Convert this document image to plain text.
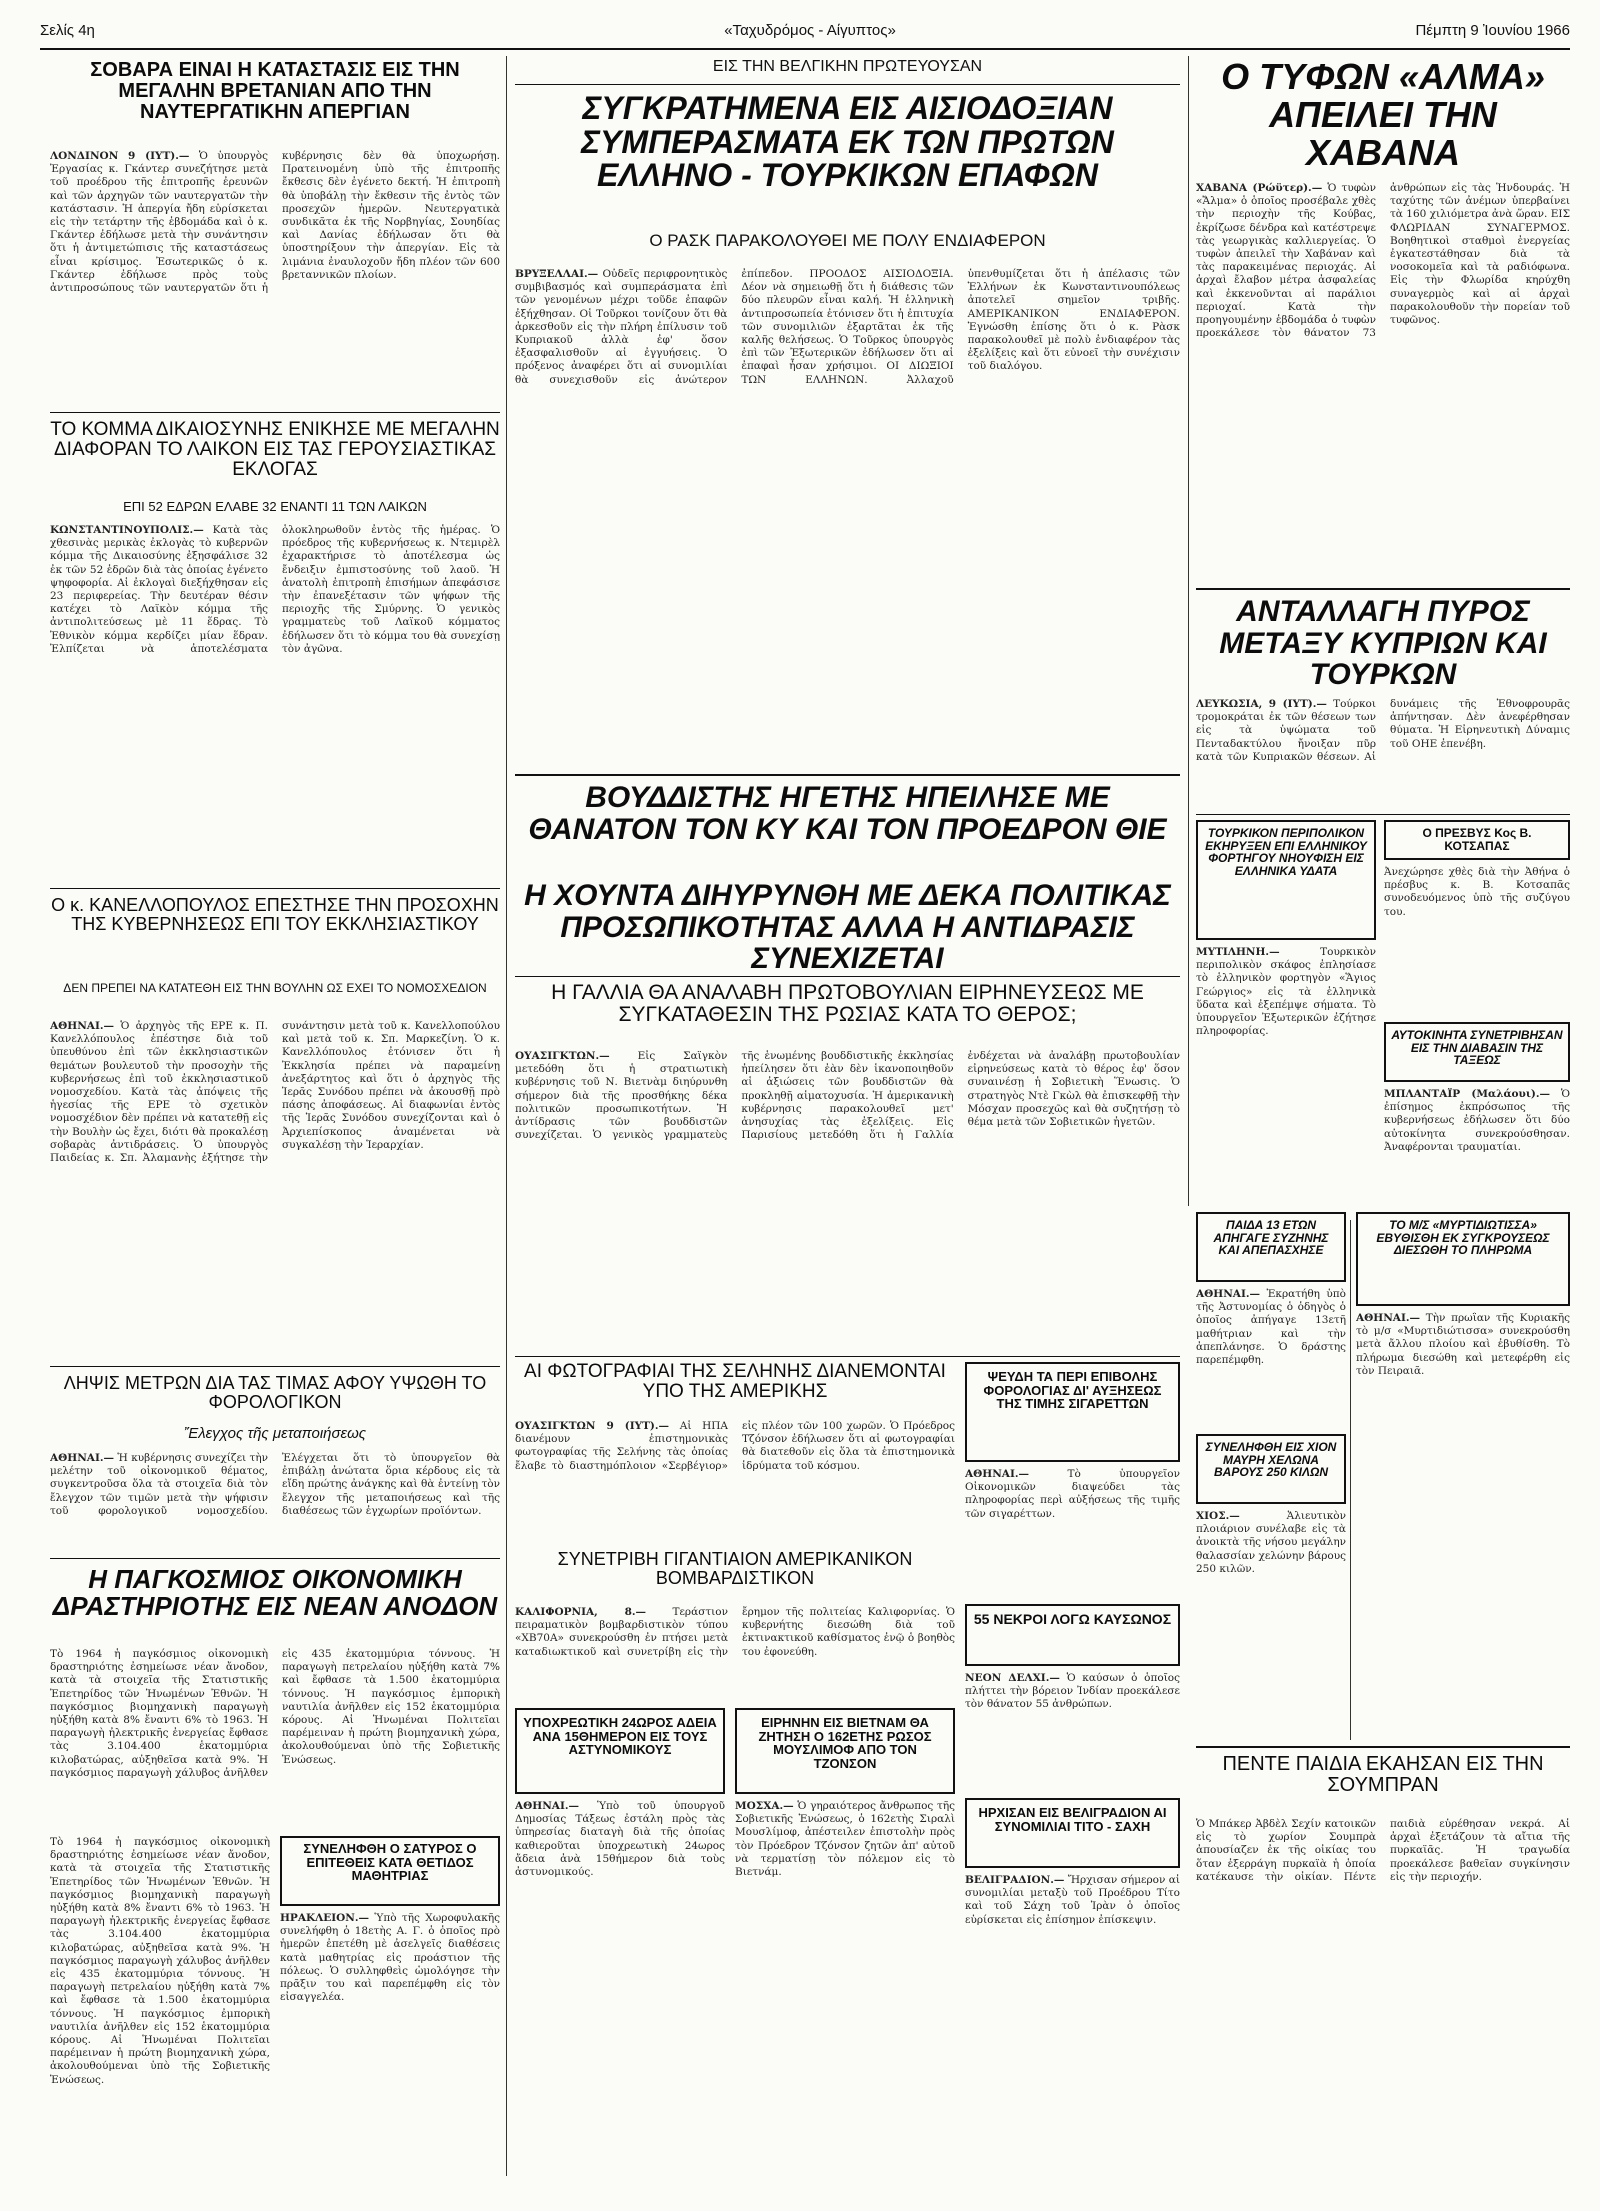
Σελίς 4η	«Ταχυδρόμος - Αίγυπτος»	Πέμπτη 9 Ἰουνίου 1966
ΣΟΒΑΡΑ ΕΙΝΑΙ Η ΚΑΤΑΣΤΑΣΙΣ ΕΙΣ ΤΗΝ ΜΕΓΑΛΗΝ ΒΡΕΤΑΝΙΑΝ ΑΠΟ ΤΗΝ ΝΑΥΤΕΡΓΑΤΙΚΗΝ ΑΠΕΡΓΙΑΝ
ΛΟΝΔΙΝΟΝ 9 (ΙΥΤ).— Ὁ ὑπουργὸς Ἐργασίας κ. Γκάντερ συνεζήτησε μετὰ τοῦ προέδρου τῆς ἐπιτροπῆς ἐρευνῶν καὶ τῶν ἀρχηγῶν τῶν ναυτεργατῶν τὴν κατάστασιν. Ἡ ἀπεργία ἤδη εὑρίσκεται εἰς τὴν τετάρτην τῆς ἑβδομάδα καὶ ὁ κ. Γκάντερ ἐδήλωσε μετὰ τὴν συνάντησιν ὅτι ἡ ἀντιμετώπισις τῆς καταστάσεως εἶναι κρίσιμος. Ἐσωτερικῶς ὁ κ. Γκάντερ ἐδήλωσε πρὸς τοὺς ἀντιπροσώπους τῶν ναυτεργατῶν ὅτι ἡ κυβέρνησις δὲν θὰ ὑποχωρήσῃ. Πρατεινομένη ὑπὸ τῆς ἐπιτροπῆς ἔκθεσις δὲν ἐγένετο δεκτή. Ἡ ἐπιτροπὴ θὰ ὑποβάλῃ τὴν ἔκθεσιν τῆς ἐντὸς τῶν προσεχῶν ἡμερῶν. Νευτεργατικὰ συνδικᾶτα ἐκ τῆς Νορβηγίας, Σουηδίας καὶ Δανίας ἐδήλωσαν ὅτι θὰ ὑποστηρίξουν τὴν ἀπεργίαν. Εἰς τὰ λιμάνια ἐναυλοχοῦν ἤδη πλέον τῶν 600 βρεταννικῶν πλοίων.
ΤΟ ΚΟΜΜΑ ΔΙΚΑΙΟΣΥΝΗΣ ΕΝΙΚΗΣΕ ΜΕ ΜΕΓΑΛΗΝ ΔΙΑΦΟΡΑΝ ΤΟ ΛΑΙΚΟΝ ΕΙΣ ΤΑΣ ΓΕΡΟΥΣΙΑΣΤΙΚΑΣ ΕΚΛΟΓΑΣ
ΕΠΙ 52 ΕΔΡΩΝ ΕΛΑΒΕ 32 ΕΝΑΝΤΙ 11 ΤΩΝ ΛΑΙΚΩΝ
ΚΩΝΣΤΑΝΤΙΝΟΥΠΟΛΙΣ.— Κατὰ τὰς χθεσινὰς μερικὰς ἐκλογὰς τὸ κυβερνῶν κόμμα τῆς Δικαιοσύνης ἐξησφάλισε 32 ἐκ τῶν 52 ἑδρῶν διὰ τὰς ὁποίας ἐγένετο ψηφοφορία. Αἱ ἐκλογαὶ διεξήχθησαν εἰς 23 περιφερείας. Τὴν δευτέραν θέσιν κατέχει τὸ Λαϊκὸν κόμμα τῆς ἀντιπολιτεύσεως μὲ 11 ἕδρας. Τὸ Ἐθνικὸν κόμμα κερδίζει μίαν ἕδραν. Ἐλπίζεται νὰ ἀποτελέσματα ὁλοκληρωθοῦν ἐντὸς τῆς ἡμέρας. Ὁ πρόεδρος τῆς κυβερνήσεως κ. Ντεμιρὲλ ἐχαρακτήρισε τὸ ἀποτέλεσμα ὡς ἔνδειξιν ἐμπιστοσύνης τοῦ λαοῦ. Ἡ ἀνατολὴ ἐπιτροπὴ ἐπισήμων ἀπεφάσισε τὴν ἐπανεξέτασιν τῶν ψήφων τῆς περιοχῆς τῆς Σμύρνης. Ὁ γενικὸς γραμματεὺς τοῦ Λαϊκοῦ κόμματος ἐδήλωσεν ὅτι τὸ κόμμα του θὰ συνεχίσῃ τὸν ἀγῶνα.
Ο κ. ΚΑΝΕΛΛΟΠΟΥΛΟΣ ΕΠΕΣΤΗΣΕ ΤΗΝ ΠΡΟΣΟΧΗΝ ΤΗΣ ΚΥΒΕΡΝΗΣΕΩΣ ΕΠΙ ΤΟΥ ΕΚΚΛΗΣΙΑΣΤΙΚΟΥ
ΔΕΝ ΠΡΕΠΕΙ ΝΑ ΚΑΤΑΤΕΘΗ ΕΙΣ ΤΗΝ ΒΟΥΛΗΝ ΩΣ ΕΧΕΙ ΤΟ ΝΟΜΟΣΧΕΔΙΟΝ
ΑΘΗΝΑΙ.— Ὁ ἀρχηγὸς τῆς ΕΡΕ κ. Π. Κανελλόπουλος ἐπέστησε διὰ τοῦ ὑπευθύνου ἐπὶ τῶν ἐκκλησιαστικῶν θεμάτων βουλευτοῦ τὴν προσοχὴν τῆς κυβερνήσεως ἐπὶ τοῦ ἐκκλησιαστικοῦ νομοσχεδίου. Κατὰ τὰς ἀπόψεις τῆς ἡγεσίας τῆς ΕΡΕ τὸ σχετικὸν νομοσχέδιον δὲν πρέπει νὰ κατατεθῇ εἰς τὴν Βουλὴν ὡς ἔχει, διότι θὰ προκαλέσῃ σοβαρὰς ἀντιδράσεις. Ὁ ὑπουργὸς Παιδείας κ. Σπ. Ἀλαμανὴς ἐξήτησε τὴν συνάντησιν μετὰ τοῦ κ. Κανελλοπούλου καὶ μετὰ τοῦ κ. Σπ. Μαρκεζίνη. Ὁ κ. Κανελλόπουλος ἐτόνισεν ὅτι ἡ Ἐκκλησία πρέπει νὰ παραμείνῃ ἀνεξάρτητος καὶ ὅτι ὁ ἀρχηγὸς τῆς Ἱερᾶς Συνόδου πρέπει νὰ ἀκουσθῇ πρὸ πάσης ἀποφάσεως. Αἱ διαφωνίαι ἐντὸς τῆς Ἱερᾶς Συνόδου συνεχίζονται καὶ ὁ Ἀρχιεπίσκοπος ἀναμένεται νὰ συγκαλέσῃ τὴν Ἱεραρχίαν.
ΛΗΨΙΣ ΜΕΤΡΩΝ ΔΙΑ ΤΑΣ ΤΙΜΑΣ ΑΦΟΥ ΥΨΩΘΗ ΤΟ ΦΟΡΟΛΟΓΙΚΟΝ
Ἔλεγχος τῆς μεταποιήσεως
ΑΘΗΝΑΙ.— Ἡ κυβέρνησις συνεχίζει τὴν μελέτην τοῦ οἰκονομικοῦ θέματος, συγκεντροῦσα ὅλα τὰ στοιχεῖα διὰ τὸν ἔλεγχον τῶν τιμῶν μετὰ τὴν ψήφισιν τοῦ φορολογικοῦ νομοσχεδίου. Ἐλέγχεται ὅτι τὸ ὑπουργεῖον θὰ ἐπιβάλῃ ἀνώτατα ὅρια κέρδους εἰς τὰ εἴδη πρώτης ἀνάγκης καὶ θὰ ἐντείνῃ τὸν ἔλεγχον τῆς μεταποιήσεως καὶ τῆς διαθέσεως τῶν ἐγχωρίων προϊόντων.
Η ΠΑΓΚΟΣΜΙΟΣ ΟΙΚΟΝΟΜΙΚΗ ΔΡΑΣΤΗΡΙΟΤΗΣ ΕΙΣ ΝΕΑΝ ΑΝΟΔΟΝ
Τὸ 1964 ἡ παγκόσμιος οἰκονομικὴ δραστηριότης ἐσημείωσε νέαν ἄνοδον, κατὰ τὰ στοιχεῖα τῆς Στατιστικῆς Ἐπετηρίδος τῶν Ἡνωμένων Ἐθνῶν. Ἡ παγκόσμιος βιομηχανικὴ παραγωγὴ ηὐξήθη κατὰ 8% ἔναντι 6% τὸ 1963. Ἡ παραγωγὴ ἠλεκτρικῆς ἐνεργείας ἔφθασε τὰς 3.104.400 ἑκατομμύρια κιλοβατώρας, αὐξηθεῖσα κατὰ 9%. Ἡ παγκόσμιος παραγωγὴ χάλυβος ἀνῆλθεν εἰς 435 ἑκατομμύρια τόννους. Ἡ παραγωγὴ πετρελαίου ηὐξήθη κατὰ 7% καὶ ἔφθασε τὰ 1.500 ἑκατομμύρια τόννους. Ἡ παγκόσμιος ἐμπορικὴ ναυτιλία ἀνῆλθεν εἰς 152 ἑκατομμύρια κόρους. Αἱ Ἡνωμέναι Πολιτεῖαι παρέμειναν ἡ πρώτη βιομηχανικὴ χώρα, ἀκολουθούμεναι ὑπὸ τῆς Σοβιετικῆς Ἑνώσεως.
ΣΥΝΕΛΗΦΘΗ Ο ΣΑΤΥΡΟΣ Ο ΕΠΙΤΕΘΕΙΣ ΚΑΤΑ ΘΕΤΙΔΟΣ ΜΑΘΗΤΡΙΑΣ
ΗΡΑΚΛΕΙΟΝ.— Ὑπὸ τῆς Χωροφυλακῆς συνελήφθη ὁ 18ετὴς Α. Γ. ὁ ὁποῖος πρὸ ἡμερῶν ἐπετέθη μὲ ἀσελγεῖς διαθέσεις κατὰ μαθητρίας εἰς προάστιον τῆς πόλεως. Ὁ συλληφθεὶς ὡμολόγησε τὴν πρᾶξιν του καὶ παρεπέμφθη εἰς τὸν εἰσαγγελέα.
Τὸ 1964 ἡ παγκόσμιος οἰκονομικὴ δραστηριότης ἐσημείωσε νέαν ἄνοδον, κατὰ τὰ στοιχεῖα τῆς Στατιστικῆς Ἐπετηρίδος τῶν Ἡνωμένων Ἐθνῶν. Ἡ παγκόσμιος βιομηχανικὴ παραγωγὴ ηὐξήθη κατὰ 8% ἔναντι 6% τὸ 1963. Ἡ παραγωγὴ ἠλεκτρικῆς ἐνεργείας ἔφθασε τὰς 3.104.400 ἑκατομμύρια κιλοβατώρας, αὐξηθεῖσα κατὰ 9%. Ἡ παγκόσμιος παραγωγὴ χάλυβος ἀνῆλθεν εἰς 435 ἑκατομμύρια τόννους. Ἡ παραγωγὴ πετρελαίου ηὐξήθη κατὰ 7% καὶ ἔφθασε τὰ 1.500 ἑκατομμύρια τόννους. Ἡ παγκόσμιος ἐμπορικὴ ναυτιλία ἀνῆλθεν εἰς 152 ἑκατομμύρια κόρους. Αἱ Ἡνωμέναι Πολιτεῖαι παρέμειναν ἡ πρώτη βιομηχανικὴ χώρα, ἀκολουθούμεναι ὑπὸ τῆς Σοβιετικῆς Ἑνώσεως.
ΕΙΣ ΤΗΝ ΒΕΛΓΙΚΗΝ ΠΡΩΤΕΥΟΥΣΑΝ
ΣΥΓΚΡΑΤΗΜΕΝΑ ΕΙΣ ΑΙΣΙΟΔΟΞΙΑΝ ΣΥΜΠΕΡΑΣΜΑΤΑ ΕΚ ΤΩΝ ΠΡΩΤΩΝ ΕΛΛΗΝΟ - ΤΟΥΡΚΙΚΩΝ ΕΠΑΦΩΝ
Ο ΡΑΣΚ ΠΑΡΑΚΟΛΟΥΘΕΙ ΜΕ ΠΟΛΥ ΕΝΔΙΑΦΕΡΟΝ
ΒΡΥΞΕΛΛΑΙ.— Οὐδεῖς περιφρονητικὸς συμβιβασμός καὶ συμπεράσματα ἐπὶ τῶν γενομένων μέχρι τοῦδε ἐπαφῶν ἐξήχθησαν. Οἱ Τοῦρκοι τονίζουν ὅτι θὰ ἀρκεσθοῦν εἰς τὴν πλήρη ἐπίλυσιν τοῦ Κυπριακοῦ ἀλλὰ ἐφ' ὅσον ἐξασφαλισθοῦν αἱ ἐγγυήσεις. Ὁ πρόξενος ἀναφέρει ὅτι αἱ συνομιλίαι θὰ συνεχισθοῦν εἰς ἀνώτερον ἐπίπεδον. ΠΡΟΟΔΟΣ ΑΙΣΙΟΔΟΞΙΑ. Δέον νὰ σημειωθῇ ὅτι ἡ διάθεσις τῶν δύο πλευρῶν εἶναι καλή. Ἡ ἑλληνικὴ ἀντιπροσωπεία ἐτόνισεν ὅτι ἡ ἐπιτυχία τῶν συνομιλιῶν ἐξαρτᾶται ἐκ τῆς καλῆς θελήσεως. Ὁ Τοῦρκος ὑπουργὸς ἐπὶ τῶν Ἐξωτερικῶν ἐδήλωσεν ὅτι αἱ ἐπαφαὶ ἦσαν χρήσιμοι. ΟΙ ΔΙΩΞΙΟΙ ΤΩΝ ΕΛΛΗΝΩΝ. Ἀλλαχοῦ ὑπενθυμίζεται ὅτι ἡ ἀπέλασις τῶν Ἑλλήνων ἐκ Κωνσταντινουπόλεως ἀποτελεῖ σημεῖον τριβῆς. ΑΜΕΡΙΚΑΝΙΚΟΝ ΕΝΔΙΑΦΕΡΟΝ. Ἐγνώσθη ἐπίσης ὅτι ὁ κ. Ρὰσκ παρακολουθεῖ μὲ πολὺ ἐνδιαφέρον τὰς ἐξελίξεις καὶ ὅτι εὐνοεῖ τὴν συνέχισιν τοῦ διαλόγου.
ΒΟΥΔΔΙΣΤΗΣ ΗΓΕΤΗΣ ΗΠΕΙΛΗΣΕ ΜΕ ΘΑΝΑΤΟΝ ΤΟΝ ΚΥ ΚΑΙ ΤΟΝ ΠΡΟΕΔΡΟΝ ΘΙΕ
Η ΧΟΥΝΤΑ ΔΙΗΥΡΥΝΘΗ ΜΕ ΔΕΚΑ ΠΟΛΙΤΙΚΑΣ ΠΡΟΣΩΠΙΚΟΤΗΤΑΣ ΑΛΛΑ Η ΑΝΤΙΔΡΑΣΙΣ ΣΥΝΕΧΙΖΕΤΑΙ
Η ΓΑΛΛΙΑ ΘΑ ΑΝΑΛΑΒΗ ΠΡΩΤΟΒΟΥΛΙΑΝ ΕΙΡΗΝΕΥΣΕΩΣ ΜΕ ΣΥΓΚΑΤΑΘΕΣΙΝ ΤΗΣ ΡΩΣΙΑΣ ΚΑΤΑ ΤΟ ΘΕΡΟΣ;
ΟΥΑΣΙΓΚΤΩΝ.—	Εἰς Σαϊγκὸν μετεδόθη ὅτι ἡ στρατιωτικὴ κυβέρνησις τοῦ Ν. Βιετνὰμ διηύρυνθη σήμερον διὰ τῆς προσθήκης δέκα πολιτικῶν προσωπικοτήτων. Ἡ ἀντίδρασις τῶν βουδδιστῶν συνεχίζεται. Ὁ γενικὸς γραμματεὺς τῆς ἑνωμένης βουδδιστικῆς ἐκκλησίας ἠπείλησεν ὅτι ἐὰν δὲν ἱκανοποιηθοῦν αἱ ἀξιώσεις τῶν βουδδιστῶν θὰ προκληθῇ αἱματοχυσία. Ἡ ἀμερικανικὴ κυβέρνησις παρακολουθεῖ μετ' ἀνησυχίας τὰς ἐξελίξεις. Εἰς Παρισίους μετεδόθη ὅτι ἡ Γαλλία ἐνδέχεται νὰ ἀναλάβῃ πρωτοβουλίαν εἰρηνεύσεως κατὰ τὸ θέρος ἐφ' ὅσον συναινέσῃ ἡ Σοβιετικὴ Ἕνωσις. Ὁ στρατηγὸς Ντὲ Γκὼλ θὰ ἐπισκεφθῇ τὴν Μόσχαν προσεχῶς καὶ θὰ συζητήσῃ τὸ θέμα μετὰ τῶν Σοβιετικῶν ἡγετῶν.
ΑΙ ΦΩΤΟΓΡΑΦΙΑΙ ΤΗΣ ΣΕΛΗΝΗΣ ΔΙΑΝΕΜΟΝΤΑΙ ΥΠΟ ΤΗΣ ΑΜΕΡΙΚΗΣ
ΟΥΑΣΙΓΚΤΩΝ 9 (ΙΥΤ).— Αἱ ΗΠΑ διανέμουν ἐπιστημονικὰς φωτογραφίας τῆς Σελήνης τὰς ὁποίας ἔλαβε τὸ διαστημόπλοιον «Σερβέγιορ» εἰς πλέον τῶν 100 χωρῶν. Ὁ Πρόεδρος Τζόνσον ἐδήλωσεν ὅτι αἱ φωτογραφίαι θὰ διατεθοῦν εἰς ὅλα τὰ ἐπιστημονικὰ ἱδρύματα τοῦ κόσμου.
ΣΥΝΕΤΡΙΒΗ ΓΙΓΑΝΤΙΑΙΟΝ ΑΜΕΡΙΚΑΝΙΚΟΝ ΒΟΜΒΑΡΔΙΣΤΙΚΟΝ
ΚΑΛΙΦΟΡΝΙΑ, 8.—	Τεράστιον πειραματικὸν βομβαρδιστικὸν τύπου «ΧΒ70Α» συνεκρούσθη ἐν πτήσει μετὰ καταδιωκτικοῦ καὶ συνετρίβη εἰς τὴν ἔρημον τῆς πολιτείας Καλιφορνίας. Ὁ κυβερνήτης διεσώθη διὰ τοῦ ἐκτινακτικοῦ καθίσματος ἐνῷ ὁ βοηθὸς του ἐφονεύθη.
ΥΠΟΧΡΕΩΤΙΚΗ 24ΩΡΟΣ ΑΔΕΙΑ ΑΝΑ 15ΘΗΜΕΡΟΝ ΕΙΣ ΤΟΥΣ ΑΣΤΥΝΟΜΙΚΟΥΣ
ΑΘΗΝΑΙ.— Ὑπὸ τοῦ ὑπουργοῦ Δημοσίας Τάξεως ἐστάλη πρὸς τὰς ὑπηρεσίας διαταγὴ διὰ τῆς ὁποίας καθιεροῦται ὑποχρεωτικὴ 24ωρος ἄδεια ἀνὰ 15θήμερον διὰ τοὺς ἀστυνομικούς.
ΕΙΡΗΝΗΝ ΕΙΣ ΒΙΕΤΝΑΜ ΘΑ ΖΗΤΗΣΗ Ο 162ΕΤΗΣ ΡΩΣΟΣ ΜΟΥΣΛΙΜΟΦ ΑΠΟ ΤΟΝ ΤΖΟΝΣΟΝ
ΜΟΣΧΑ.— Ὁ γηραιότερος ἄνθρωπος τῆς Σοβιετικῆς Ἑνώσεως, ὁ 162ετὴς Σιραλὶ Μουσλίμοφ, ἀπέστειλεν ἐπιστολὴν πρὸς τὸν Πρόεδρον Τζόνσον ζητῶν ἀπ' αὐτοῦ νὰ τερματίσῃ τὸν πόλεμον εἰς τὸ Βιετνάμ.
ΨΕΥΔΗ ΤΑ ΠΕΡΙ ΕΠΙΒΟΛΗΣ ΦΟΡΟΛΟΓΙΑΣ ΔΙ' ΑΥΞΗΣΕΩΣ ΤΗΣ ΤΙΜΗΣ ΣΙΓΑΡΕΤΤΩΝ
ΑΘΗΝΑΙ.—	Τὸ ὑπουργεῖον Οἰκονομικῶν διαψεύδει τὰς πληροφορίας περὶ αὐξήσεως τῆς τιμῆς τῶν σιγαρέττων.
55 ΝΕΚΡΟΙ ΛΟΓΩ ΚΑΥΣΩΝΟΣ
ΝΕΟΝ ΔΕΛΧΙ.— Ὁ καύσων ὁ ὁποῖος πλήττει τὴν βόρειον Ἰνδίαν προεκάλεσε τὸν θάνατον 55 ἀνθρώπων.
ΗΡΧΙΣΑΝ ΕΙΣ ΒΕΛΙΓΡΑΔΙΟΝ ΑΙ ΣΥΝΟΜΙΛΙΑΙ ΤΙΤΟ - ΣΑΧΗ
ΒΕΛΙΓΡΑΔΙΟΝ.— Ἤρχισαν σήμερον αἱ συνομιλίαι μεταξὺ τοῦ Προέδρου Τίτο καὶ τοῦ Σάχη τοῦ Ἰρὰν ὁ ὁποῖος εὑρίσκεται εἰς ἐπίσημον ἐπίσκεψιν.
Ο ΤΥΦΩΝ «ΑΛΜΑ» ΑΠΕΙΛΕΙ ΤΗΝ ΧΑΒΑΝΑ
ΧΑΒΑΝΑ (Ρώϋτερ).— Ὁ τυφὼν «Ἄλμα» ὁ ὁποῖος προσέβαλε χθὲς τὴν περιοχὴν τῆς Κούβας, ἐκρίζωσε δένδρα καὶ κατέστρεψε τὰς γεωργικὰς καλλιεργείας. Ὁ τυφὼν ἀπειλεῖ τὴν Χαβάναν καὶ τὰς παρακειμένας περιοχάς. Αἱ ἀρχαὶ ἔλαβον μέτρα ἀσφαλείας καὶ ἐκκενοῦνται αἱ παράλιοι περιοχαί. Κατὰ τὴν προηγουμένην ἑβδομάδα ὁ τυφὼν προεκάλεσε τὸν θάνατον 73 ἀνθρώπων εἰς τὰς Ἡνδουράς. Ἡ ταχύτης τῶν ἀνέμων ὑπερβαίνει τὰ 160 χιλιόμετρα ἀνὰ ὥραν. ΕΙΣ ΦΛΩΡΙΔΑΝ ΣΥΝΑΓΕΡΜΟΣ. Βοηθητικοὶ σταθμοὶ ἐνεργείας ἐγκατεστάθησαν διὰ τὰ νοσοκομεῖα καὶ τὰ ραδιόφωνα. Εἰς τὴν Φλωρίδα κηρύχθη συναγερμὸς καὶ αἱ ἀρχαὶ παρακολουθοῦν τὴν πορείαν τοῦ τυφῶνος.
ΑΝΤΑΛΛΑΓΗ ΠΥΡΟΣ ΜΕΤΑΞΥ ΚΥΠΡΙΩΝ ΚΑΙ ΤΟΥΡΚΩΝ
ΛΕΥΚΩΣΙΑ, 9 (ΙΥΤ).— Τούρκοι τρομοκράται ἐκ τῶν θέσεων των εἰς τὰ ὑψώματα τοῦ Πενταδακτύλου ἤνοιξαν πῦρ κατὰ τῶν Κυπριακῶν θέσεων. Αἱ δυνάμεις τῆς Ἐθνοφρουρᾶς ἀπήντησαν. Δὲν ἀνεφέρθησαν θύματα. Ἡ Εἰρηνευτικὴ Δύναμις τοῦ ΟΗΕ ἐπενέβη.
ΤΟΥΡΚΙΚΟΝ ΠΕΡΙΠΟΛΙΚΟΝ ΕΚΗΡΥΞΕΝ ΕΠΙ ΕΛΛΗΝΙΚΟΥ ΦΟΡΤΗΓΟΥ ΝΗΟΥΦΙΣΗ ΕΙΣ ΕΛΛΗΝΙΚΑ ΥΔΑΤΑ
ΜΥΤΙΛΗΝΗ.—	Τουρκικὸν περιπολικὸν σκάφος ἐπλησίασε τὸ ἑλληνικὸν φορτηγὸν «Ἅγιος Γεώργιος» εἰς τὰ ἑλληνικὰ ὕδατα καὶ ἐξεπέμψε σήματα. Τὸ ὑπουργεῖον Ἐξωτερικῶν ἐζήτησε πληροφορίας.
Ο ΠΡΕΣΒΥΣ Κος Β. ΚΟΤΣΑΠΑΣ
Ἀνεχώρησε χθὲς διὰ τὴν Ἀθήνα ὁ πρέσβυς κ. Β. Κοτσαπᾶς συνοδευόμενος ὑπὸ τῆς συζύγου του.
ΑΥΤΟΚΙΝΗΤΑ ΣΥΝΕΤΡΙΒΗΣΑΝ ΕΙΣ ΤΗΝ ΔΙΑΒΑΣΙΝ ΤΗΣ ΤΑΞΕΩΣ
ΜΠΛΑΝΤΑΪΡ (Μαλάουι).— Ὁ ἐπίσημος ἐκπρόσωπος τῆς κυβερνήσεως ἐδήλωσεν ὅτι δύο αὐτοκίνητα συνεκρούσθησαν. Ἀναφέρονται τραυματίαι.
ΠΑΙΔΑ 13 ΕΤΩΝ ΑΠΗΓΑΓΕ ΣΥΖΗΝΗΣ ΚΑΙ ΑΠΕΠΑΣΧΗΣΕ
ΑΘΗΝΑΙ.— Ἐκρατήθη ὑπὸ τῆς Ἀστυνομίας ὁ ὁδηγὸς ὁ ὁποῖος ἀπήγαγε 13ετῆ μαθήτριαν καὶ τὴν ἀπεπλάνησε. Ὁ δράστης παρεπέμφθη.
ΣΥΝΕΛΗΦΘΗ ΕΙΣ ΧΙΟΝ ΜΑΥΡΗ ΧΕΛΩΝΑ ΒΑΡΟΥΣ 250 ΚΙΛΩΝ
ΧΙΟΣ.—	Ἁλιευτικὸν πλοιάριον συνέλαβε εἰς τὰ ἀνοικτὰ τῆς νήσου μεγάλην θαλασσίαν χελώνην βάρους 250 κιλῶν.
ΤΟ Μ/Σ «ΜΥΡΤΙΔΙΩΤΙΣΣΑ» ΕΒΥΘΙΣΘΗ ΕΚ ΣΥΓΚΡΟΥΣΕΩΣ ΔΙΕΣΩΘΗ ΤΟ ΠΛΗΡΩΜΑ
ΑΘΗΝΑΙ.— Τὴν πρωΐαν τῆς Κυριακῆς τὸ μ/σ «Μυρτιδιώτισσα» συνεκρούσθη μετὰ ἄλλου πλοίου καὶ ἐβυθίσθη. Τὸ πλήρωμα διεσώθη καὶ μετεφέρθη εἰς τὸν Πειραιᾶ.
ΠΕΝΤΕ ΠΑΙΔΙΑ ΕΚΑΗΣΑΝ ΕΙΣ ΤΗΝ ΣΟΥΜΠΡΑΝ
Ὁ Μπάκερ Ἀβδὲλ Σεχίν κατοικῶν εἰς τὸ χωρίον Σουμπρὰ ἀπουσίαζεν ἐκ τῆς οἰκίας του ὅταν ἐξερράγη πυρκαϊὰ ἡ ὁποία κατέκαυσε τὴν οἰκίαν. Πέντε παιδιὰ εὑρέθησαν νεκρά. Αἱ ἀρχαὶ ἐξετάζουν τὰ αἴτια τῆς πυρκαϊᾶς. Ἡ τραγωδία προεκάλεσε βαθεῖαν συγκίνησιν εἰς τὴν περιοχήν.
